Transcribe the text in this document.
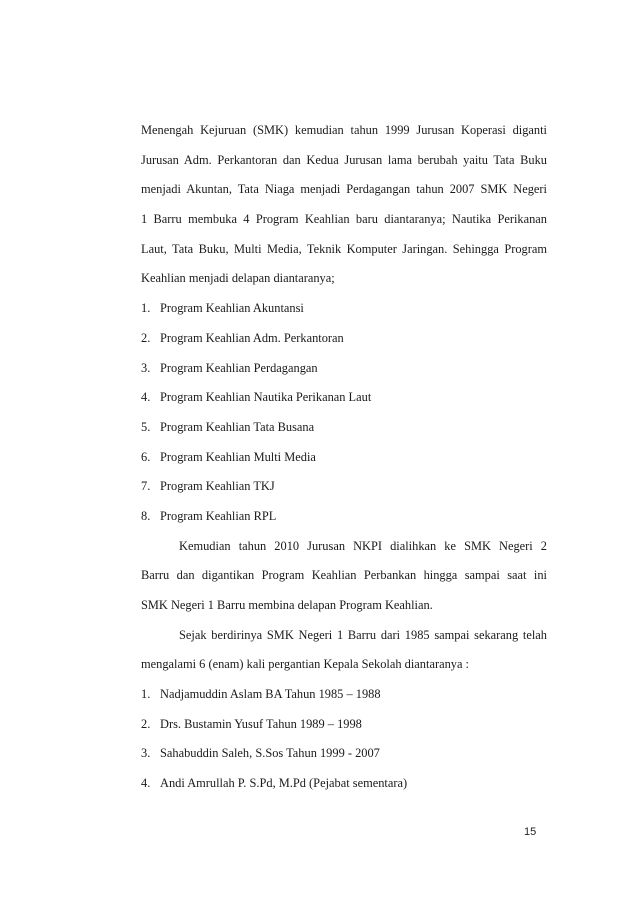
Menengah Kejuruan (SMK) kemudian tahun 1999 Jurusan Koperasi diganti
Jurusan Adm. Perkantoran dan Kedua Jurusan lama berubah yaitu Tata Buku
menjadi Akuntan, Tata Niaga menjadi Perdagangan tahun 2007 SMK Negeri
1 Barru membuka 4 Program Keahlian baru diantaranya; Nautika Perikanan
Laut, Tata Buku, Multi Media, Teknik Komputer Jaringan. Sehingga Program
Keahlian menjadi delapan diantaranya;
1. Program Keahlian Akuntansi
2. Program Keahlian Adm. Perkantoran
3. Program Keahlian Perdagangan
4. Program Keahlian Nautika Perikanan Laut
5. Program Keahlian Tata Busana
6. Program Keahlian Multi Media
7. Program Keahlian TKJ
8. Program Keahlian RPL
Kemudian tahun 2010 Jurusan NKPI dialihkan ke SMK Negeri 2
Barru dan digantikan Program Keahlian Perbankan hingga sampai saat ini
SMK Negeri 1 Barru membina delapan Program Keahlian.
Sejak berdirinya SMK Negeri 1 Barru dari 1985 sampai sekarang telah
mengalami 6 (enam) kali pergantian Kepala Sekolah diantaranya :
1. Nadjamuddin Aslam BA Tahun 1985 – 1988
2. Drs. Bustamin Yusuf Tahun 1989 – 1998
3. Sahabuddin Saleh, S.Sos Tahun 1999 - 2007
4. Andi Amrullah P. S.Pd, M.Pd (Pejabat sementara)
15
